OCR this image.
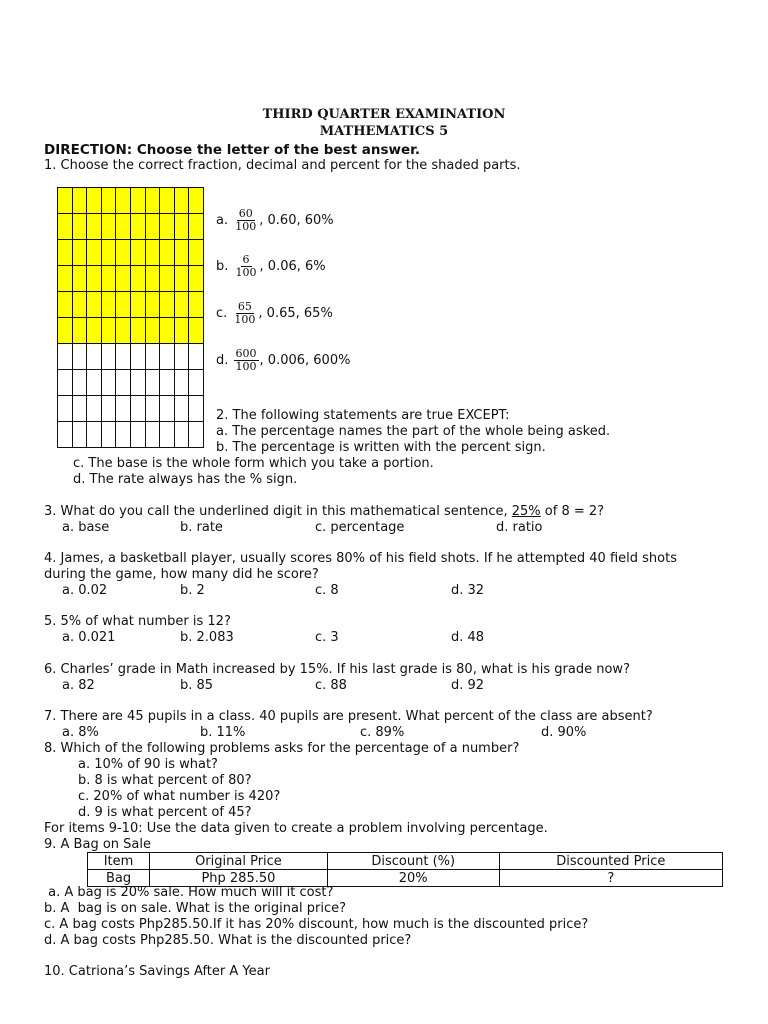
THIRD QUARTER EXAMINATION
MATHEMATICS 5
DIRECTION: Choose the letter of the best answer.
1. Choose the correct fraction, decimal and percent for the shaded parts.
a. $\frac{60}{100}$ , 0.60, 60%
b. $\frac{6}{100}$ , 0.06, 6%
c. $\frac{65}{100}$ , 0.65, 65%
d. $\frac{600}{100}$ , 0.006, 600%
2. The following statements are true EXCEPT:
a. The percentage names the part of the whole being asked.
b. The percentage is written with the percent sign.
c. The base is the whole form which you take a portion.
d. The rate always has the % sign.
3. What do you call the underlined digit in this mathematical sentence, 25% of 8 = 2?
a. base	b. rate	c. percentage	d. ratio
4. James, a basketball player, usually scores 80% of his field shots. If he attempted 40 field shots
during the game, how many did he score?
a. 0.02	b. 2	c. 8	d. 32
5. 5% of what number is 12?
a. 0.021	b. 2.083	c. 3	d. 48
6. Charles’ grade in Math increased by 15%. If his last grade is 80, what is his grade now?
a. 82	b. 85	c. 88	d. 92
7. There are 45 pupils in a class. 40 pupils are present. What percent of the class are absent?
a. 8%	b. 11%	c. 89%	d. 90%
8. Which of the following problems asks for the percentage of a number?
a. 10% of 90 is what?
b. 8 is what percent of 80?
c. 20% of what number is 420?
d. 9 is what percent of 45?
For items 9-10: Use the data given to create a problem involving percentage.
9. A Bag on Sale
Item	Original Price	Discount (%)	Discounted Price
Bag	Php 285.50	20%	?
a. A bag is 20% sale. How much will it cost?
b. A  bag is on sale. What is the original price?
c. A bag costs Php285.50.If it has 20% discount, how much is the discounted price?
d. A bag costs Php285.50. What is the discounted price?
10. Catriona’s Savings After A Year
